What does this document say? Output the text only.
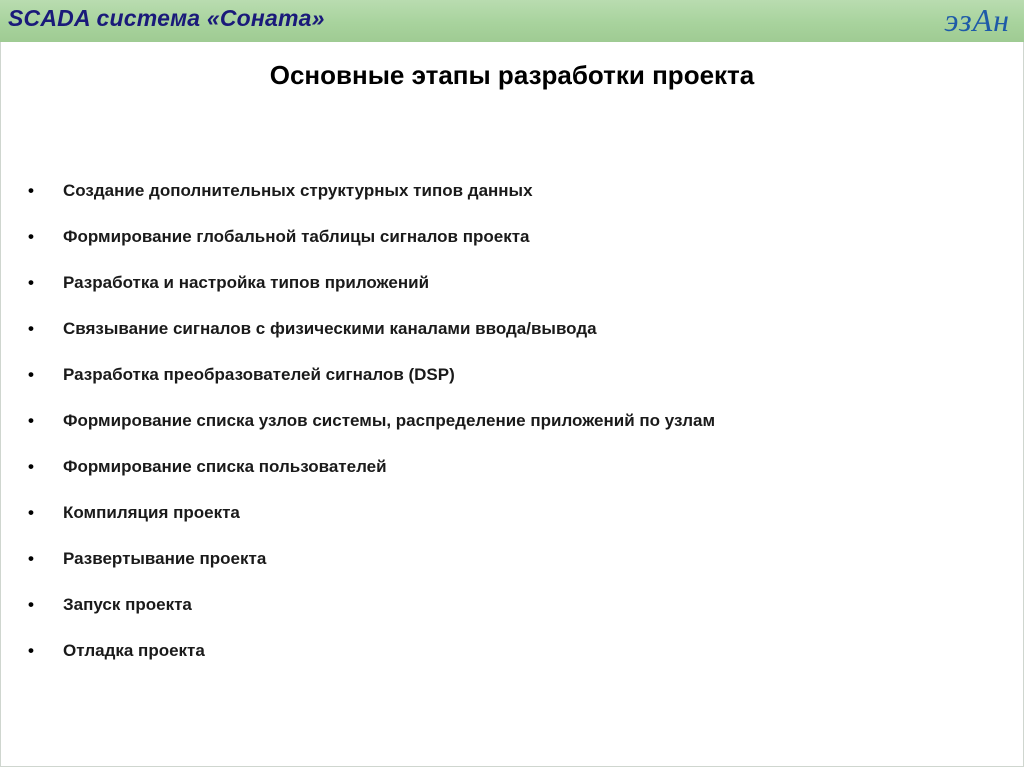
SCADA система «Соната»	эзАн
Основные этапы разработки проекта
•	Создание дополнительных структурных типов данных
•	Формирование глобальной таблицы сигналов проекта
•	Разработка и настройка типов приложений
•	Связывание сигналов с физическими каналами ввода/вывода
•	Разработка преобразователей сигналов (DSP)
•	Формирование списка узлов системы, распределение приложений по узлам
•	Формирование списка пользователей
•	Компиляция проекта
•	Развертывание проекта
•	Запуск проекта
•	Отладка проекта
